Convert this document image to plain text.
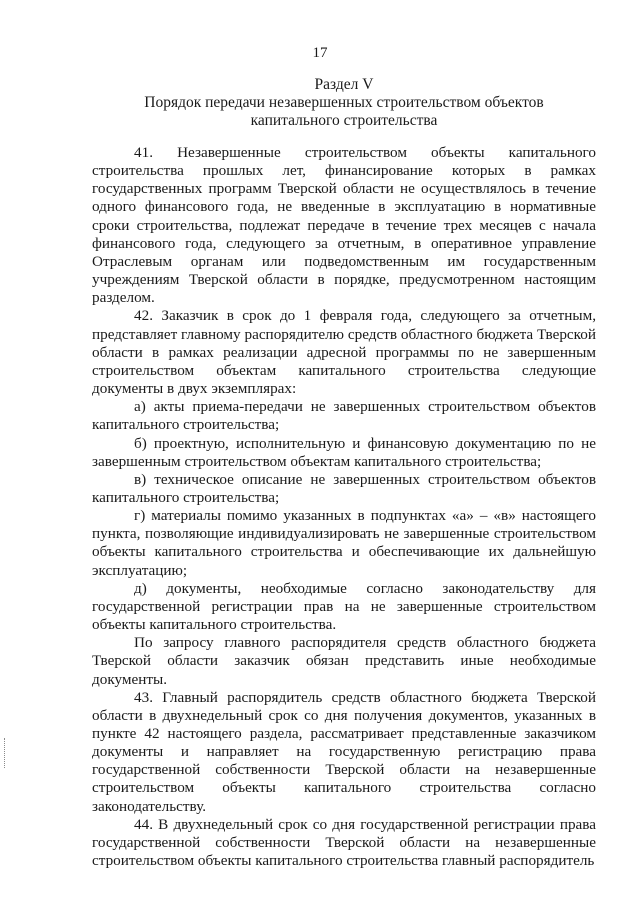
17
Раздел V
Порядок передачи незавершенных строительством объектов
капитального строительства

41. Незавершенные строительством объекты капитального строительства прошлых лет, финансирование которых в рамках государственных программ Тверской области не осуществлялось в течение одного финансового года, не введенные в эксплуатацию в нормативные сроки строительства, подлежат передаче в течение трех месяцев с начала финансового года, следующего за отчетным, в оперативное управление Отраслевым органам или подведомственным им государственным учреждениям Тверской области в порядке, предусмотренном настоящим разделом.

42. Заказчик в срок до 1 февраля года, следующего за отчетным, представляет главному распорядителю средств областного бюджета Тверской области в рамках реализации адресной программы по не завершенным строительством объектам капитального строительства следующие документы в двух экземплярах:

а) акты приема-передачи не завершенных строительством объектов капитального строительства;

б) проектную, исполнительную и финансовую документацию по не завершенным строительством объектам капитального строительства;

в) техническое описание не завершенных строительством объектов капитального строительства;

г) материалы помимо указанных в подпунктах «а» – «в» настоящего пункта, позволяющие индивидуализировать не завершенные строительством объекты капитального строительства и обеспечивающие их дальнейшую эксплуатацию;

д) документы, необходимые согласно законодательству для государственной регистрации прав на не завершенные строительством объекты капитального строительства.

По запросу главного распорядителя средств областного бюджета Тверской области заказчик обязан представить иные необходимые документы.

43. Главный распорядитель средств областного бюджета Тверской области в двухнедельный срок со дня получения документов, указанных в пункте 42 настоящего раздела, рассматривает представленные заказчиком документы и направляет на государственную регистрацию права государственной собственности Тверской области на незавершенные строительством объекты капитального строительства согласно законодательству.

44. В двухнедельный срок со дня государственной регистрации права государственной собственности Тверской области на незавершенные строительством объекты капитального строительства главный распорядитель
